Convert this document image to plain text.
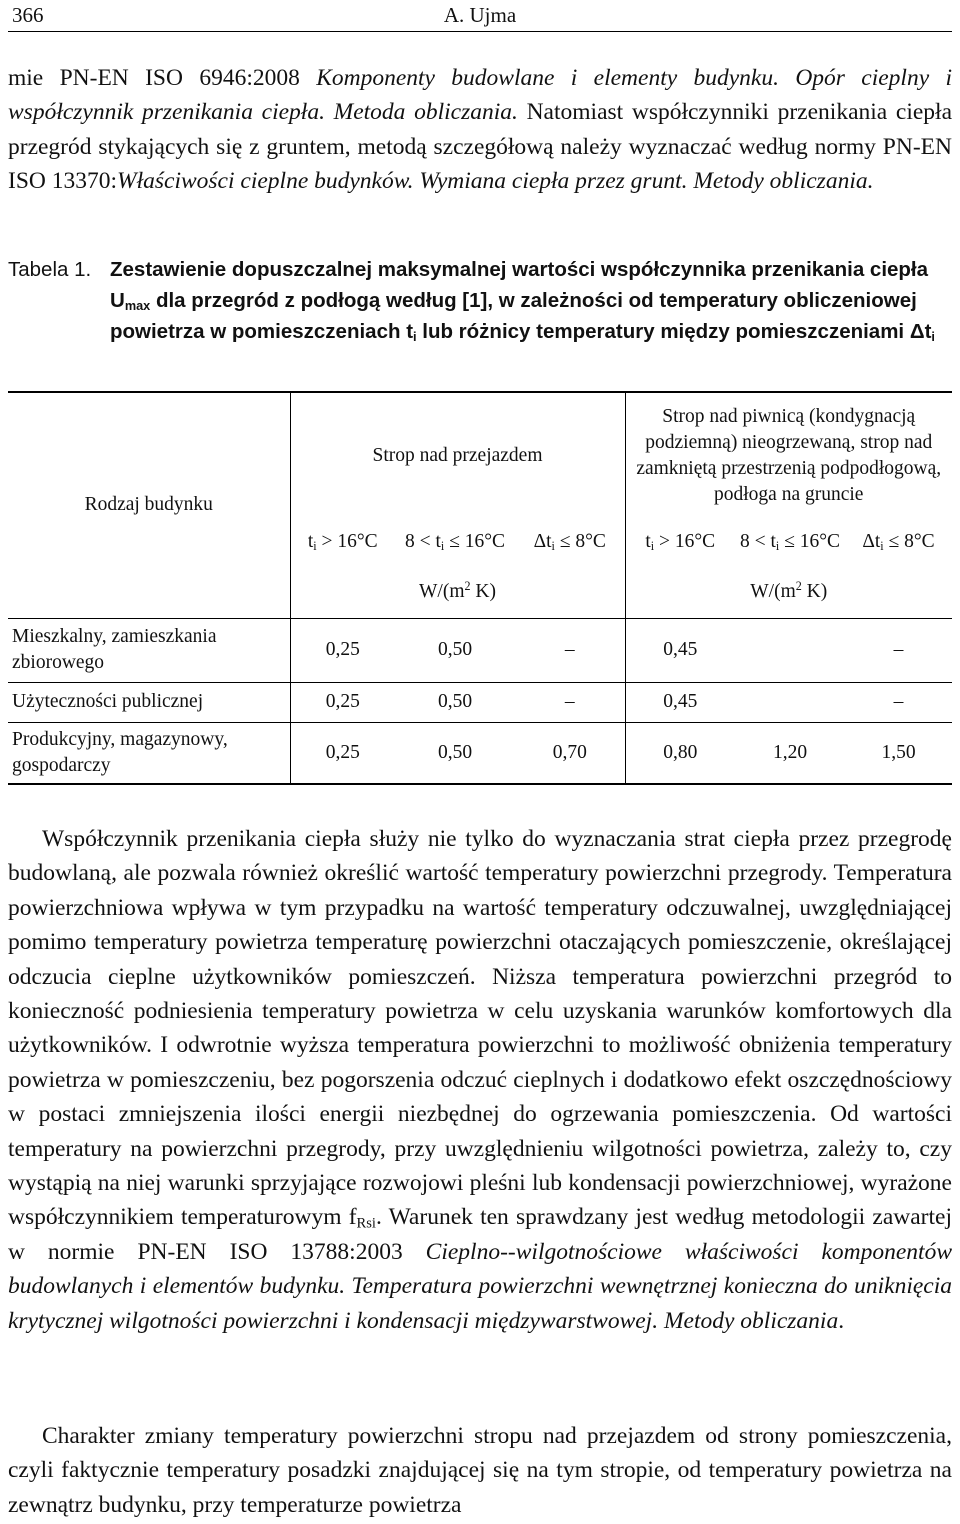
366	A. Ujma
mie PN-EN ISO 6946:2008 Komponenty budowlane i elementy budynku. Opór cieplny i współczynnik przenikania ciepła. Metoda obliczania. Natomiast współczynniki przenikania ciepła przegród stykających się z gruntem, metodą szczegółową należy wyznaczać według normy PN-EN ISO 13370:Właściwości cieplne budynków. Wymiana ciepła przez grunt. Metody obliczania.
Tabela 1. Zestawienie dopuszczalnej maksymalnej wartości współczynnika przenikania ciepła $U_{max}$ dla przegród z podłogą według [1], w zależności od temperatury obliczeniowej powietrza w pomieszczeniach $t_i$ lub różnicy temperatury między pomieszczeniami $\Delta t_i$
Rodzaj budynku	Strop nad przejazdem			Strop nad piwnicą (kondygnacją podziemną) nieogrzewaną, strop nad zamkniętą przestrzenią podpodłogową, podłoga na gruncie		
	$t_i > 16^\circ C$	$8 < t_i \le 16^\circ C$	$\Delta t_i \le 8^\circ C$	$t_i > 16^\circ C$	$8 < t_i \le 16^\circ C$	$\Delta t_i \le 8^\circ C$
	$W/(m^2$ K)			$W/(m^2$ K)		
Mieszkalny, zamieszkania zbiorowego	0,25	0,50	–	0,45		–
Użyteczności publicznej	0,25	0,50	–	0,45		–
Produkcyjny, magazynowy, gospodarczy	0,25	0,50	0,70	0,80	1,20	1,50
Współczynnik przenikania ciepła służy nie tylko do wyznaczania strat ciepła przez przegrodę budowlaną, ale pozwala również określić wartość temperatury powierzchni przegrody. Temperatura powierzchniowa wpływa w tym przypadku na wartość temperatury odczuwalnej, uwzględniającej pomimo temperatury powietrza temperaturę powierzchni otaczających pomieszczenie, określającej odczucia cieplne użytkowników pomieszczeń. Niższa temperatura powierzchni przegród to konieczność podniesienia temperatury powietrza w celu uzyskania warunków komfortowych dla użytkowników. I odwrotnie wyższa temperatura powierzchni to możliwość obniżenia temperatury powietrza w pomieszczeniu, bez pogorszenia odczuć cieplnych i dodatkowo efekt oszczędnościowy w postaci zmniejszenia ilości energii niezbędnej do ogrzewania pomieszczenia. Od wartości temperatury na powierzchni przegrody, przy uwzględnieniu wilgotności powietrza, zależy to, czy wystąpią na niej warunki sprzyjające rozwojowi pleśni lub kondensacji powierzchniowej, wyrażone współczynnikiem temperaturowym $f_{Rsi}$. Warunek ten sprawdzany jest według metodologii zawartej w normie PN-EN ISO 13788:2003 Cieplno--wilgotnościowe właściwości komponentów budowlanych i elementów budynku. Temperatura powierzchni wewnętrznej konieczna do uniknięcia krytycznej wilgotności powierzchni i kondensacji międzywarstwowej. Metody obliczania.
Charakter zmiany temperatury powierzchni stropu nad przejazdem od strony pomieszczenia, czyli faktycznie temperatury posadzki znajdującej się na tym stropie, od temperatury powietrza na zewnątrz budynku, przy temperaturze powietrza
